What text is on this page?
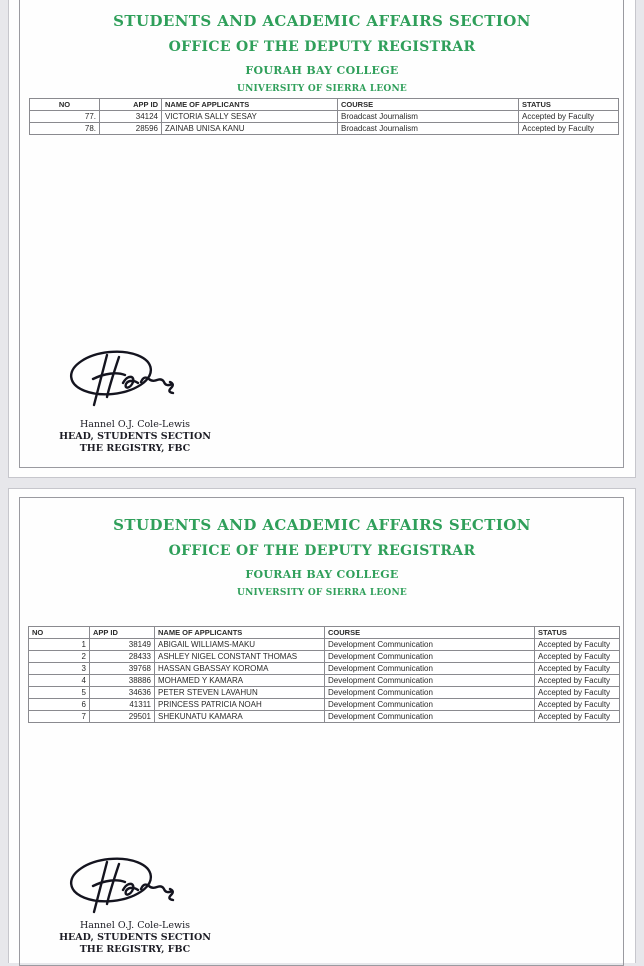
STUDENTS AND ACADEMIC AFFAIRS SECTION
OFFICE OF THE DEPUTY REGISTRAR
FOURAH BAY COLLEGE
UNIVERSITY OF SIERRA LEONE
NO	APP ID	NAME OF APPLICANTS	COURSE	STATUS
77.	34124	VICTORIA SALLY SESAY	Broadcast Journalism	Accepted by Faculty
78.	28596	ZAINAB UNISA KANU	Broadcast Journalism	Accepted by Faculty
Hannel O.J. Cole-Lewis
HEAD, STUDENTS SECTION
THE REGISTRY, FBC
STUDENTS AND ACADEMIC AFFAIRS SECTION
OFFICE OF THE DEPUTY REGISTRAR
FOURAH BAY COLLEGE
UNIVERSITY OF SIERRA LEONE
NO	APP ID	NAME OF APPLICANTS	COURSE	STATUS
1	38149	ABIGAIL WILLIAMS-MAKU	Development Communication	Accepted by Faculty
2	28433	ASHLEY NIGEL CONSTANT THOMAS	Development Communication	Accepted by Faculty
3	39768	HASSAN GBASSAY KOROMA	Development Communication	Accepted by Faculty
4	38886	MOHAMED Y KAMARA	Development Communication	Accepted by Faculty
5	34636	PETER STEVEN LAVAHUN	Development Communication	Accepted by Faculty
6	41311	PRINCESS PATRICIA NOAH	Development Communication	Accepted by Faculty
7	29501	SHEKUNATU KAMARA	Development Communication	Accepted by Faculty
Hannel O.J. Cole-Lewis
HEAD, STUDENTS SECTION
THE REGISTRY, FBC
